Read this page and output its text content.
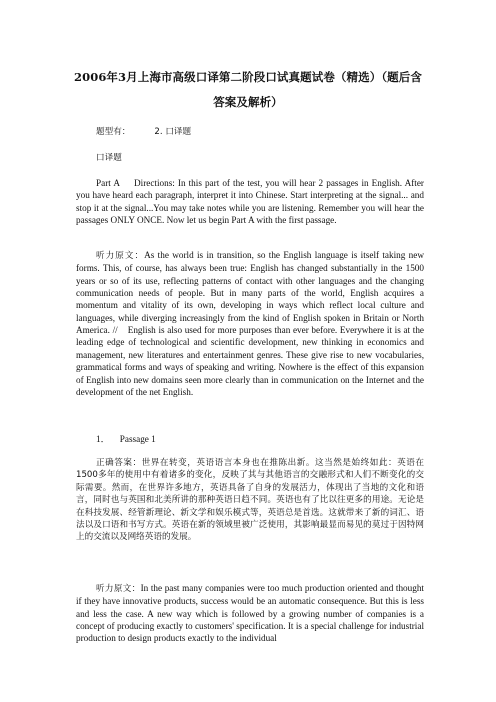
2006年3月上海市高级口译第二阶段口试真题试卷（精选）（题后含
答案及解析）
题型有：	2. 口译题
口译题

Part A Directions: In this part of the test, you will hear 2 passages in English. After you have heard each paragraph, interpret it into Chinese. Start interpreting at the signal... and stop it at the signal...You may take notes while you are listening. Remember you will hear the passages ONLY ONCE. Now let us begin Part A with the first passage.

听力原文：As the world is in transition, so the English language is itself taking new forms. This, of course, has always been true: English has changed substantially in the 1500 years or so of its use, reflecting patterns of contact with other languages and the changing communication needs of people. But in many parts of the world, English acquires a momentum and vitality of its own, developing in ways which reflect local culture and languages, while diverging increasingly from the kind of English spoken in Britain or North America. // English is also used for more purposes than ever before. Everywhere it is at the leading edge of technological and scientific development, new thinking in economics and management, new literatures and entertainment genres. These give rise to new vocabularies, grammatical forms and ways of speaking and writing. Nowhere is the effect of this expansion of English into new domains seen more clearly than in communication on the Internet and the development of the net English.

1． Passage 1

正确答案：世界在转变，英语语言本身也在推陈出新。这当然是始终如此：英语在1500多年的使用中有着诸多的变化，反映了其与其他语言的交融形式和人们不断变化的交际需要。然而，在世界许多地方，英语具备了自身的发展活力，体现出了当地的文化和语言，同时也与英国和北美所讲的那种英语日趋不同。英语也有了比以往更多的用途。无论是在科技发展、经管新理论、新文学和娱乐模式等，英语总是首选。这就带来了新的词汇、语法以及口语和书写方式。英语在新的领域里被广泛使用，其影响最显而易见的莫过于因特网上的交流以及网络英语的发展。

听力原文：In the past many companies were too much production oriented and thought if they have innovative products, success would be an automatic consequence. But this is less and less the case. A new way which is followed by a growing number of companies is a concept of producing exactly to customers' specification. It is a special challenge for industrial production to design products exactly to the individual
